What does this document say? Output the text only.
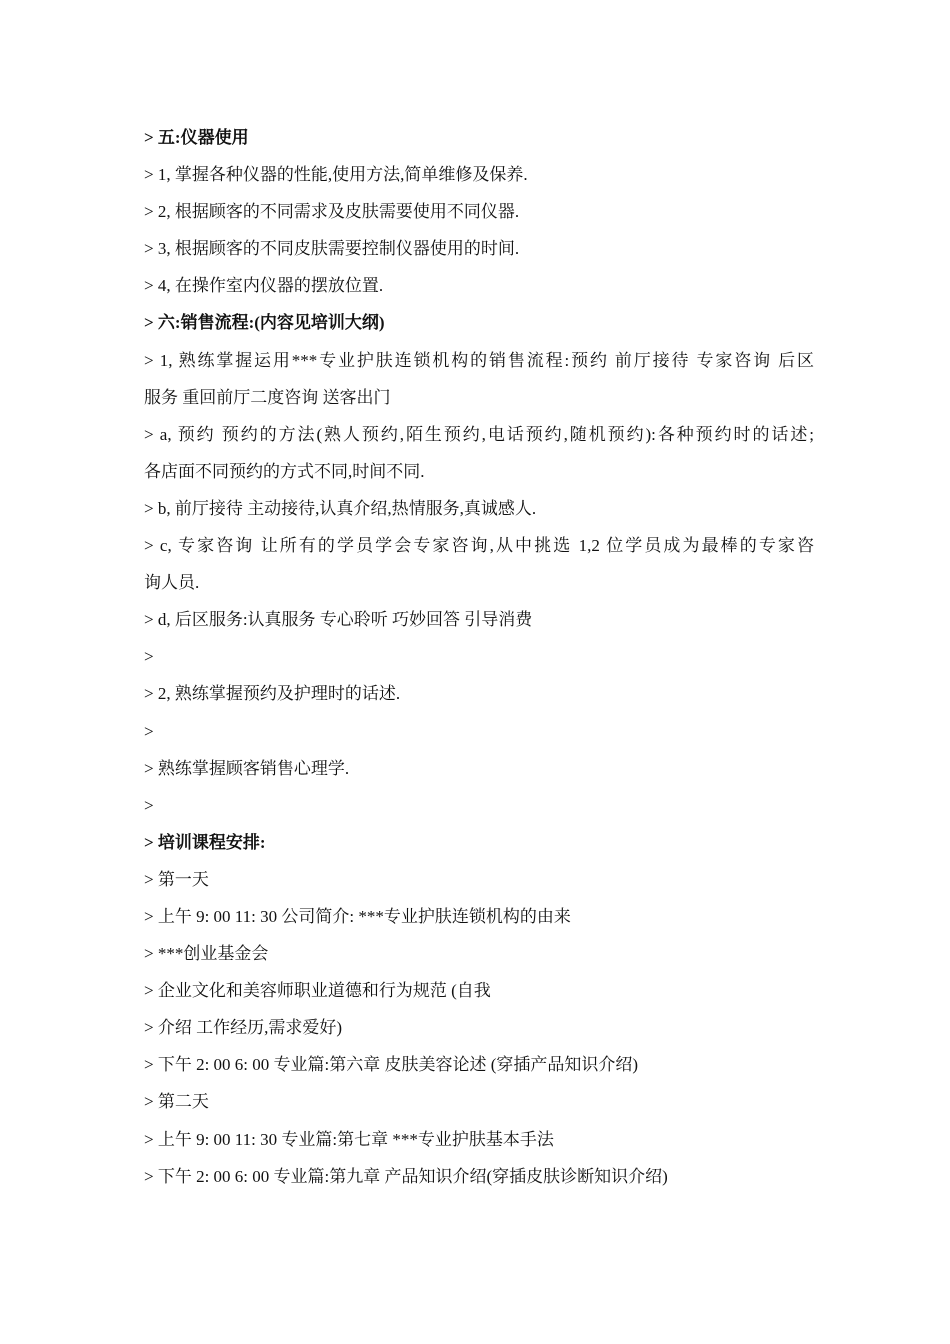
> 五:仪器使用
> 1, 掌握各种仪器的性能,使用方法,简单维修及保养.
> 2, 根据顾客的不同需求及皮肤需要使用不同仪器.
> 3, 根据顾客的不同皮肤需要控制仪器使用的时间.
> 4, 在操作室内仪器的摆放位置.
> 六:销售流程:(内容见培训大纲)
> 1, 熟练掌握运用***专业护肤连锁机构的销售流程:预约 前厅接待 专家咨询 后区
服务 重回前厅二度咨询 送客出门
> a, 预约 预约的方法(熟人预约,陌生预约,电话预约,随机预约):各种预约时的话述;
各店面不同预约的方式不同,时间不同.
> b, 前厅接待 主动接待,认真介绍,热情服务,真诚感人.
> c, 专家咨询 让所有的学员学会专家咨询,从中挑选 1,2 位学员成为最棒的专家咨
询人员.
> d, 后区服务:认真服务 专心聆听 巧妙回答 引导消费
>
> 2, 熟练掌握预约及护理时的话述.
>
> 熟练掌握顾客销售心理学.
>
> 培训课程安排:
> 第一天
> 上午 9: 00 11: 30 公司简介: ***专业护肤连锁机构的由来
> ***创业基金会
> 企业文化和美容师职业道德和行为规范 (自我
> 介绍 工作经历,需求爱好)
> 下午 2: 00 6: 00 专业篇:第六章 皮肤美容论述 (穿插产品知识介绍)
> 第二天
> 上午 9: 00 11: 30 专业篇:第七章 ***专业护肤基本手法
> 下午 2: 00 6: 00 专业篇:第九章 产品知识介绍(穿插皮肤诊断知识介绍)
